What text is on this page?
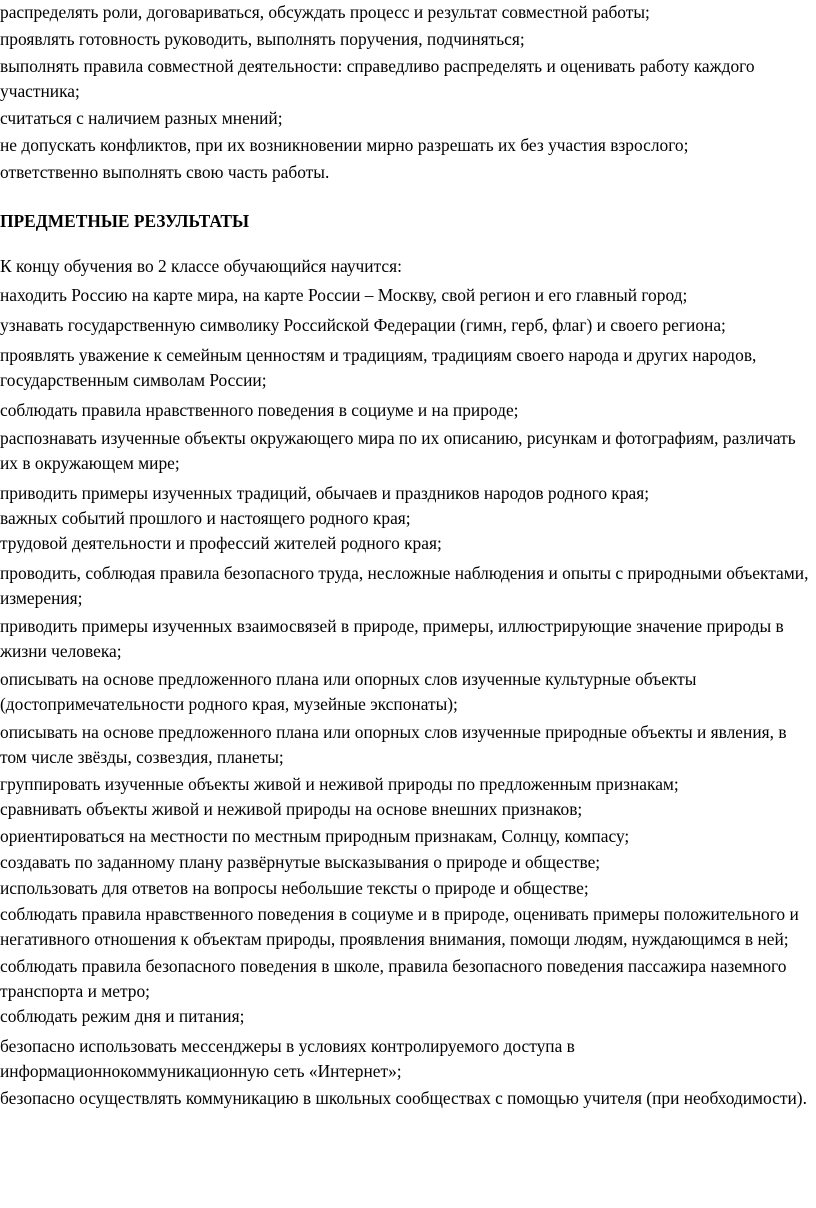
распределять роли, договариваться, обсуждать процесс и результат совместной работы;

проявлять готовность руководить, выполнять поручения, подчиняться;

выполнять правила совместной деятельности: справедливо распределять и оценивать работу каждого участника;

считаться с наличием разных мнений;

не допускать конфликтов, при их возникновении мирно разрешать их без участия взрослого;

ответственно выполнять свою часть работы.

ПРЕДМЕТНЫЕ РЕЗУЛЬТАТЫ

К концу обучения во 2 классе обучающийся научится:

находить Россию на карте мира, на карте России – Москву, свой регион и его главный город;

узнавать государственную символику Российской Федерации (гимн, герб, флаг) и своего региона;

проявлять уважение к семейным ценностям и традициям, традициям своего народа и других народов, государственным символам России;

соблюдать правила нравственного поведения в социуме и на природе;

распознавать изученные объекты окружающего мира по их описанию, рисункам и фотографиям, различать их в окружающем мире;

приводить примеры изученных традиций, обычаев и праздников народов родного края;

важных событий прошлого и настоящего родного края;

трудовой деятельности и профессий жителей родного края;

проводить, соблюдая правила безопасного труда, несложные наблюдения и опыты с природными объектами, измерения;

приводить примеры изученных взаимосвязей в природе, примеры, иллюстрирующие значение природы в жизни человека;

описывать на основе предложенного плана или опорных слов изученные культурные объекты (достопримечательности родного края, музейные экспонаты);

описывать на основе предложенного плана или опорных слов изученные природные объекты и явления, в том числе звёзды, созвездия, планеты;

группировать изученные объекты живой и неживой природы по предложенным признакам;

сравнивать объекты живой и неживой природы на основе внешних признаков;

ориентироваться на местности по местным природным признакам, Солнцу, компасу;

создавать по заданному плану развёрнутые высказывания о природе и обществе;

использовать для ответов на вопросы небольшие тексты о природе и обществе;

соблюдать правила нравственного поведения в социуме и в природе, оценивать примеры положительного и негативного отношения к объектам природы, проявления внимания, помощи людям, нуждающимся в ней;

соблюдать правила безопасного поведения в школе, правила безопасного поведения пассажира наземного транспорта и метро;

соблюдать режим дня и питания;

безопасно использовать мессенджеры в условиях контролируемого доступа в информационнокоммуникационную сеть «Интернет»;

безопасно осуществлять коммуникацию в школьных сообществах с помощью учителя (при необходимости).
